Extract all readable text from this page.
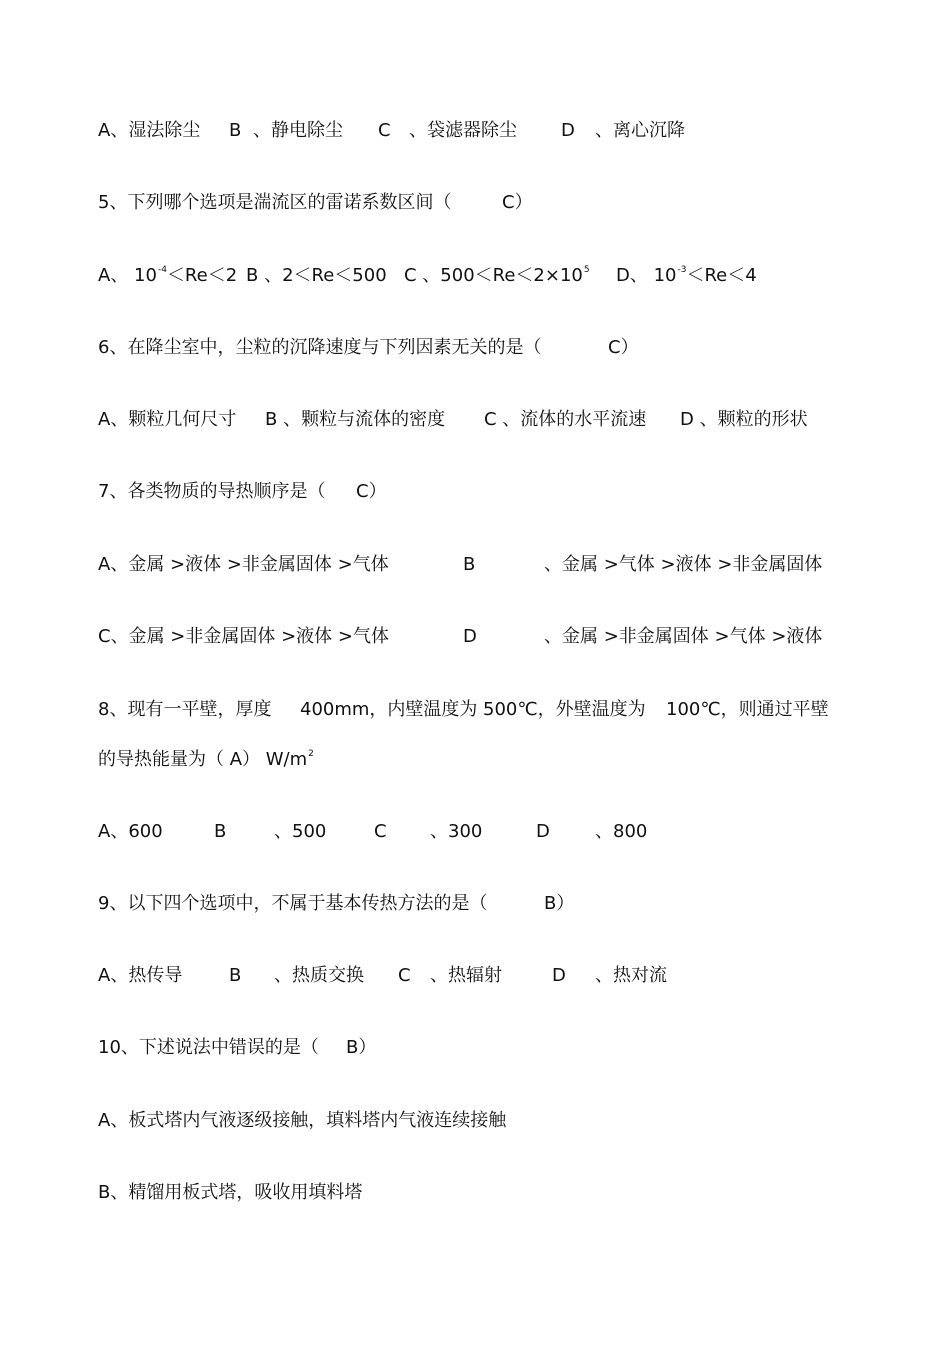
A、湿法除尘 B 、静电除尘 C 、袋滤器除尘 D 、离心沉降
5、下列哪个选项是湍流区的雷诺系数区间（	C）
A、 $10^{-4}<Re<2$ B 、2＜Re＜500 C 、$500<Re<2\times 10^5$ D、 $10^{-3}<Re<4$
6、在降尘室中，尘粒的沉降速度与下列因素无关的是（	C）
A、颗粒几何尺寸 B 、颗粒与流体的密度 C 、流体的水平流速 D 、颗粒的形状
7、各类物质的导热顺序是（ C）
A、金属 >液体 >非金属固体 >气体	B	、金属 >气体 >液体 >非金属固体
C、金属 >非金属固体 >液体 >气体	D	、金属 >非金属固体 >气体 >液体
8、现有一平壁，厚度 400mm，内壁温度为 500℃，外壁温度为 100℃，则通过平壁
的导热能量为（ A） $W/m^2$
A、600	B	、500	C 、300	D	、800
9、以下四个选项中，不属于基本传热方法的是（	B）
A、热传导	B 、热质交换 C 、热辐射	D 、热对流
10、下述说法中错误的是（ B）
A、板式塔内气液逐级接触，填料塔内气液连续接触
B、精馏用板式塔，吸收用填料塔
